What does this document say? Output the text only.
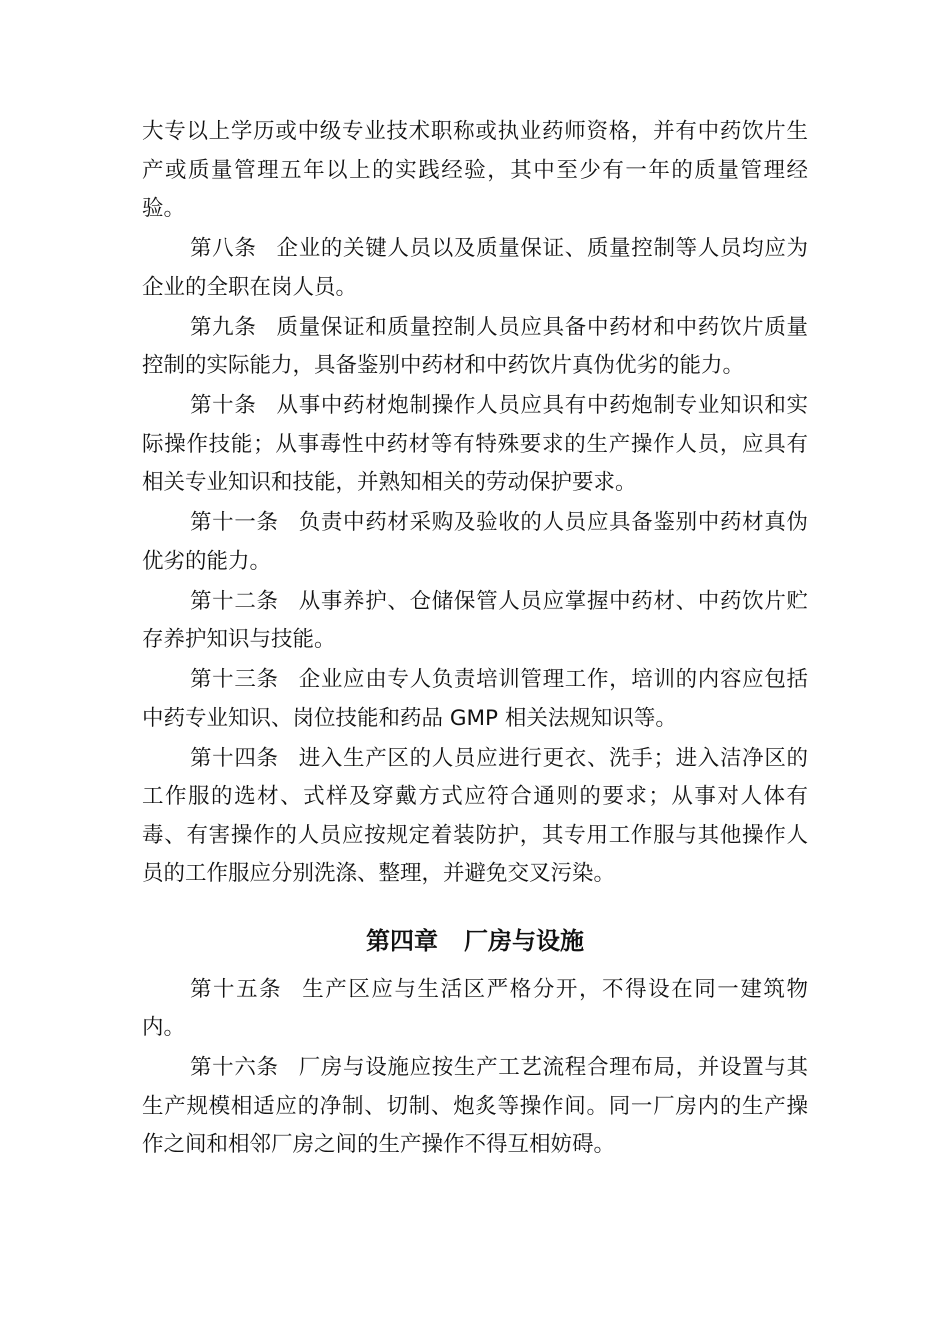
大专以上学历或中级专业技术职称或执业药师资格，并有中药饮片生产或质量管理五年以上的实践经验，其中至少有一年的质量管理经验。

第八条 企业的关键人员以及质量保证、质量控制等人员均应为企业的全职在岗人员。

第九条 质量保证和质量控制人员应具备中药材和中药饮片质量控制的实际能力，具备鉴别中药材和中药饮片真伪优劣的能力。

第十条 从事中药材炮制操作人员应具有中药炮制专业知识和实际操作技能；从事毒性中药材等有特殊要求的生产操作人员，应具有相关专业知识和技能，并熟知相关的劳动保护要求。

第十一条 负责中药材采购及验收的人员应具备鉴别中药材真伪优劣的能力。

第十二条 从事养护、仓储保管人员应掌握中药材、中药饮片贮存养护知识与技能。

第十三条 企业应由专人负责培训管理工作，培训的内容应包括中药专业知识、岗位技能和药品 GMP 相关法规知识等。

第十四条 进入生产区的人员应进行更衣、洗手；进入洁净区的工作服的选材、式样及穿戴方式应符合通则的要求；从事对人体有毒、有害操作的人员应按规定着装防护，其专用工作服与其他操作人员的工作服应分别洗涤、整理，并避免交叉污染。

第四章 厂房与设施

第十五条 生产区应与生活区严格分开，不得设在同一建筑物内。

第十六条 厂房与设施应按生产工艺流程合理布局，并设置与其生产规模相适应的净制、切制、炮炙等操作间。同一厂房内的生产操作之间和相邻厂房之间的生产操作不得互相妨碍。
